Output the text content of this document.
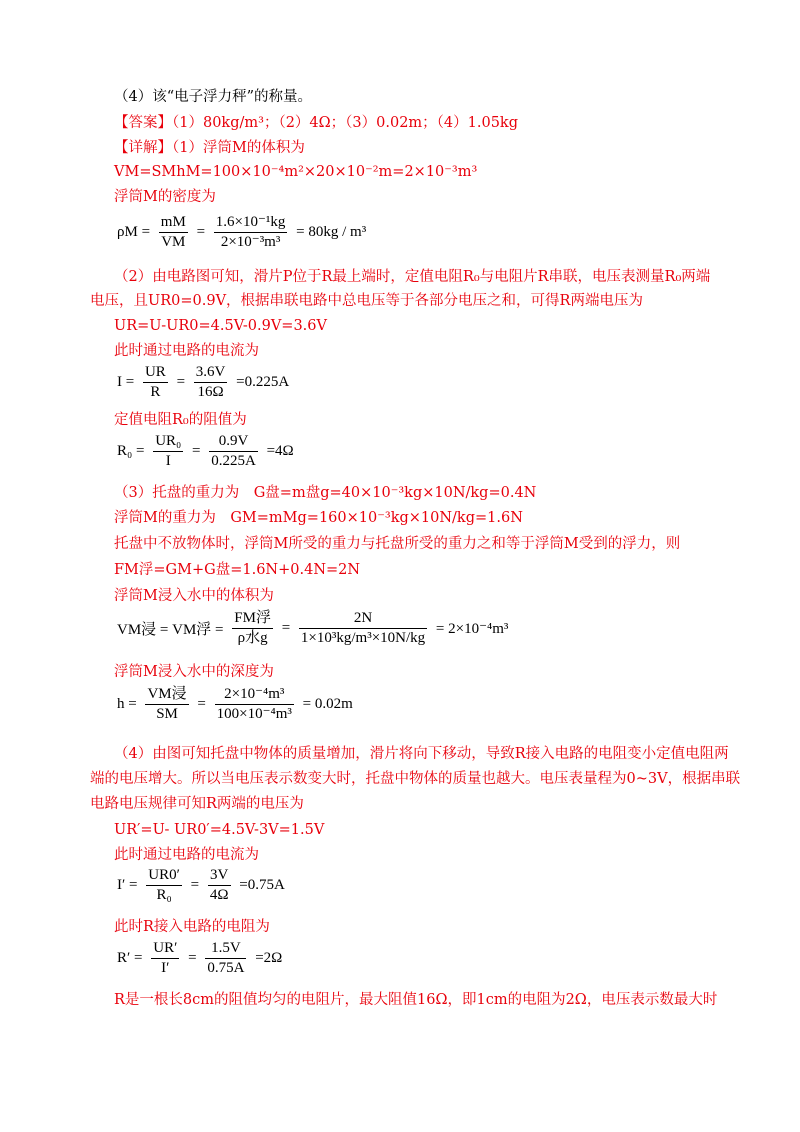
（4）该“电子浮力秤”的称量。
【答案】（1）80kg/m³；（2）4Ω；（3）0.02m；（4）1.05kg
【详解】（1）浮筒M的体积为
VM=SMhM=100×10⁻⁴m²×20×10⁻²m=2×10⁻³m³
浮筒M的密度为
$\rho M = \frac{mM}{VM} = \frac{\text{1.6×10⁻¹kg}}{\text{2×10⁻³m³}} = 80kg / m^3$
（2）由电路图可知，滑片P位于R最上端时，定值电阻R₀与电阻片R串联，电压表测量R₀两端
电压，且UR0=0.9V，根据串联电路中总电压等于各部分电压之和，可得R两端电压为
UR=U-UR0=4.5V-0.9V=3.6V
此时通过电路的电流为
$I = \frac{UR}{R} = \frac{3.6V}{16\Omega} =0.225A$
定值电阻R₀的阻值为
$R_0 = \frac{\text{UR₀}}{I} = \frac{0.9V}{0.225A} =4\Omega$
（3）托盘的重力为　G盘=m盘g=40×10⁻³kg×10N/kg=0.4N
浮筒M的重力为　GM=mMg=160×10⁻³kg×10N/kg=1.6N
托盘中不放物体时，浮筒M所受的重力与托盘所受的重力之和等于浮筒M受到的浮力，则
FM浮=GM+G盘=1.6N+0.4N=2N
浮筒M浸入水中的体积为
VM浸 = VM浮 = $\frac{\text{FM浮}}{\text{ρ水g}} = \frac{2N}{\text{1×10³kg/m³×10N/kg}} = 2\times 10^{-4}m^3$
浮筒M浸入水中的深度为
$h = \frac{\text{VM浸}}{SM} = \frac{\text{2×10⁻⁴m³}}{\text{100×10⁻⁴m³}} = 0.02m$
（4）由图可知托盘中物体的质量增加，滑片将向下移动，导致R接入电路的电阻变小定值电阻两
端的电压增大。所以当电压表示数变大时，托盘中物体的质量也越大。电压表量程为0~3V，根据串联
电路电压规律可知R两端的电压为
UR′=U- UR0′=4.5V-3V=1.5V
此时通过电路的电流为
$I' = \frac{UR0'}{\text{R₀}} = \frac{3V}{4\Omega} =0.75A$
此时R接入电路的电阻为
$R' = \frac{UR'}{I'} = \frac{1.5V}{0.75A} =2\Omega$
R是一根长8cm的阻值均匀的电阻片，最大阻值16Ω，即1cm的电阻为2Ω，电压表示数最大时
